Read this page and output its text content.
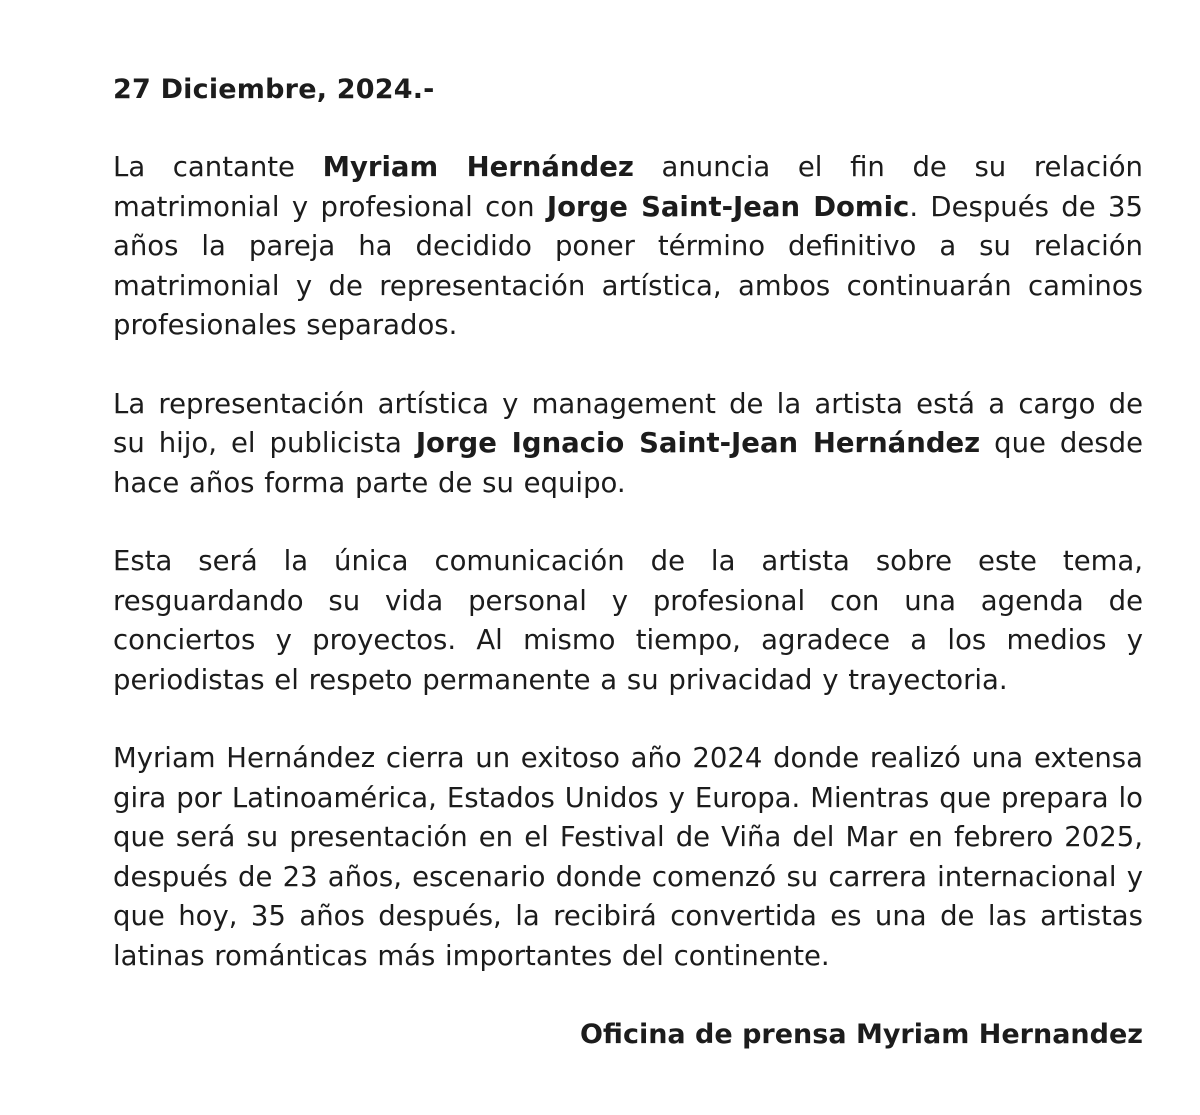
27 Diciembre, 2024.-

La cantante Myriam Hernández anuncia el fin de su relación matrimonial y profesional con Jorge Saint-Jean Domic. Después de 35 años la pareja ha decidido poner término definitivo a su relación matrimonial y de representación artística, ambos continuarán caminos profesionales separados.

La representación artística y management de la artista está a cargo de su hijo, el publicista Jorge Ignacio Saint-Jean Hernández que desde hace años forma parte de su equipo.

Esta será la única comunicación de la artista sobre este tema, resguardando su vida personal y profesional con una agenda de conciertos y proyectos. Al mismo tiempo, agradece a los medios y periodistas el respeto permanente a su privacidad y trayectoria.

Myriam Hernández cierra un exitoso año 2024 donde realizó una extensa gira por Latinoamérica, Estados Unidos y Europa. Mientras que prepara lo que será su presentación en el Festival de Viña del Mar en febrero 2025, después de 23 años, escenario donde comenzó su carrera internacional y que hoy, 35 años después, la recibirá convertida es una de las artistas latinas románticas más importantes del continente.

Oficina de prensa Myriam Hernandez
